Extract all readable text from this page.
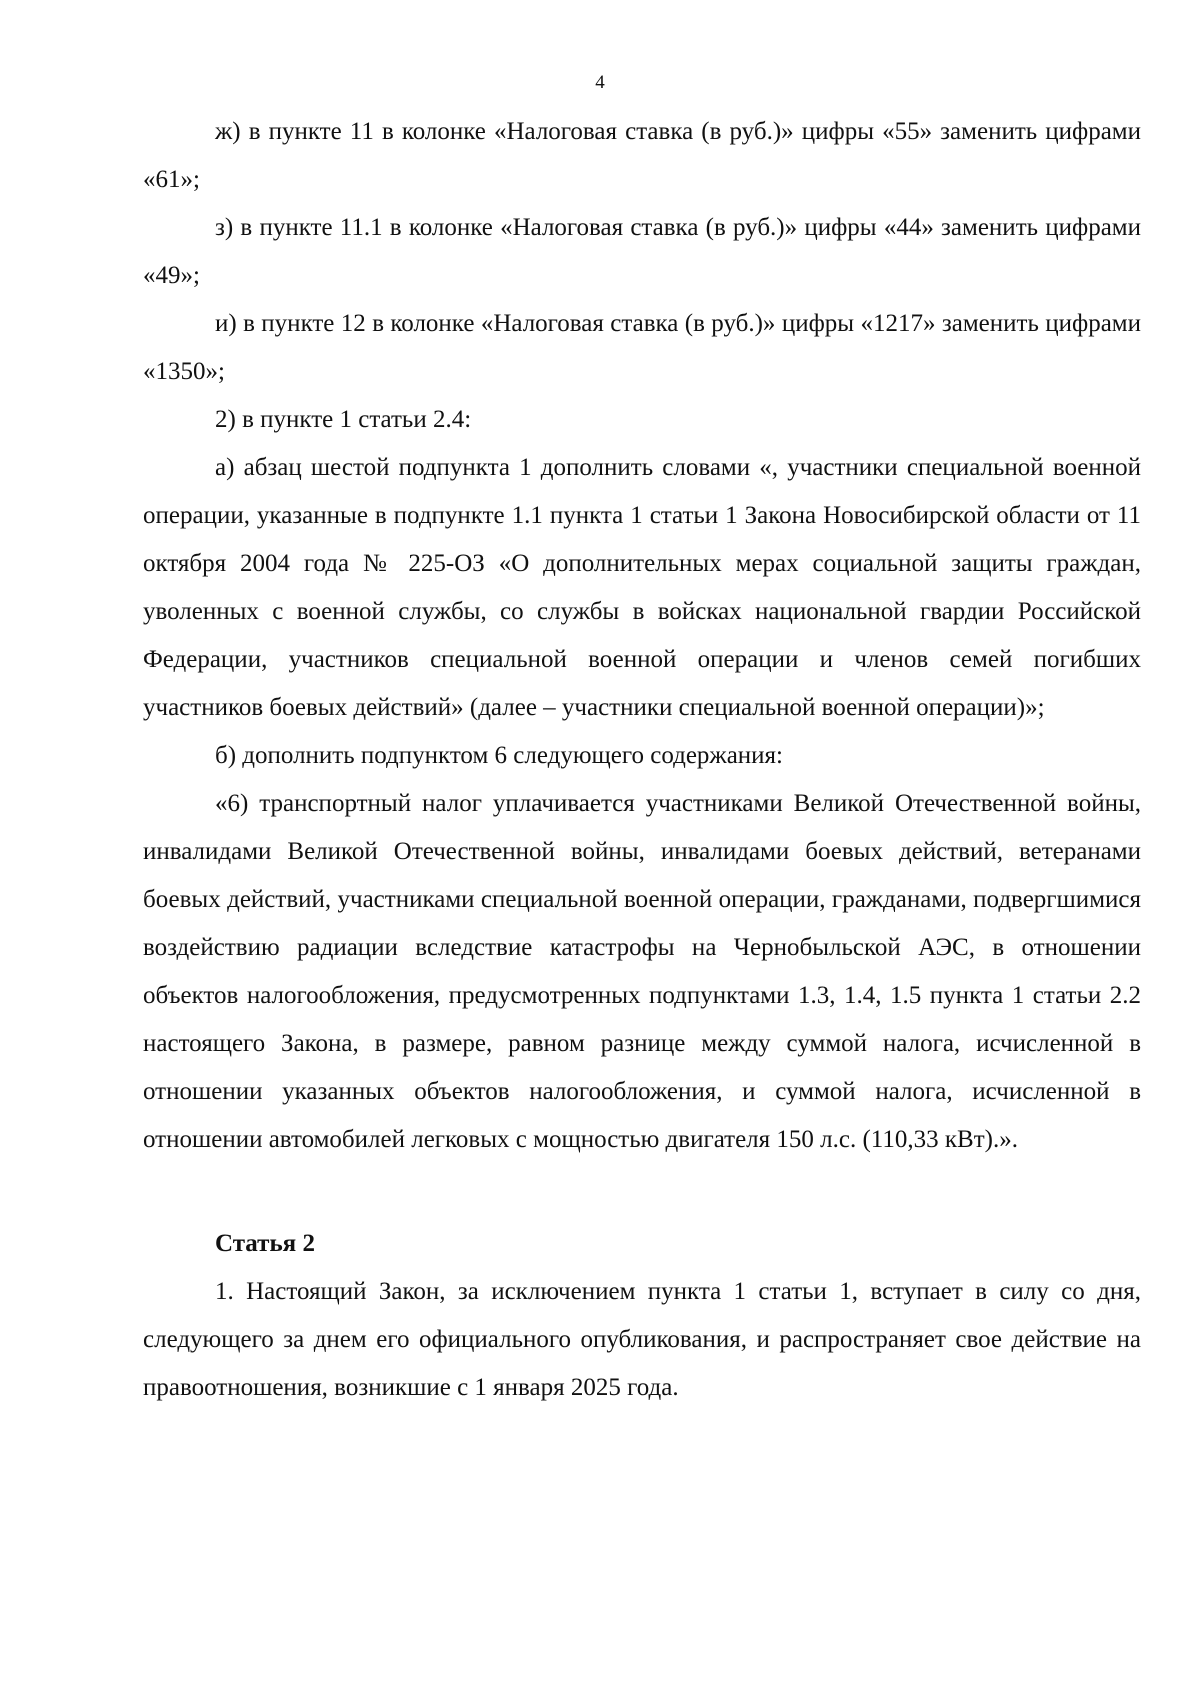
4

ж) в пункте 11 в колонке «Налоговая ставка (в руб.)» цифры «55» заменить цифрами «61»;

з) в пункте 11.1 в колонке «Налоговая ставка (в руб.)» цифры «44» заменить цифрами «49»;

и) в пункте 12 в колонке «Налоговая ставка (в руб.)» цифры «1217» заменить цифрами «1350»;

2) в пункте 1 статьи 2.4:

а) абзац шестой подпункта 1 дополнить словами «, участники специальной военной операции, указанные в подпункте 1.1 пункта 1 статьи 1 Закона Новосибирской области от 11 октября 2004 года № 225-ОЗ «О дополнительных мерах социальной защиты граждан, уволенных с военной службы, со службы в войсках национальной гвардии Российской Федерации, участников специальной военной операции и членов семей погибших участников боевых действий» (далее – участники специальной военной операции)»;

б) дополнить подпунктом 6 следующего содержания:

«6) транспортный налог уплачивается участниками Великой Отечественной войны, инвалидами Великой Отечественной войны, инвалидами боевых действий, ветеранами боевых действий, участниками специальной военной операции, гражданами, подвергшимися воздействию радиации вследствие катастрофы на Чернобыльской АЭС, в отношении объектов налогообложения, предусмотренных подпунктами 1.3, 1.4, 1.5 пункта 1 статьи 2.2 настоящего Закона, в размере, равном разнице между суммой налога, исчисленной в отношении указанных объектов налогообложения, и суммой налога, исчисленной в отношении автомобилей легковых с мощностью двигателя 150 л.с. (110,33 кВт).».

Статья 2

1. Настоящий Закон, за исключением пункта 1 статьи 1, вступает в силу со дня, следующего за днем его официального опубликования, и распространяет свое действие на правоотношения, возникшие с 1 января 2025 года.
